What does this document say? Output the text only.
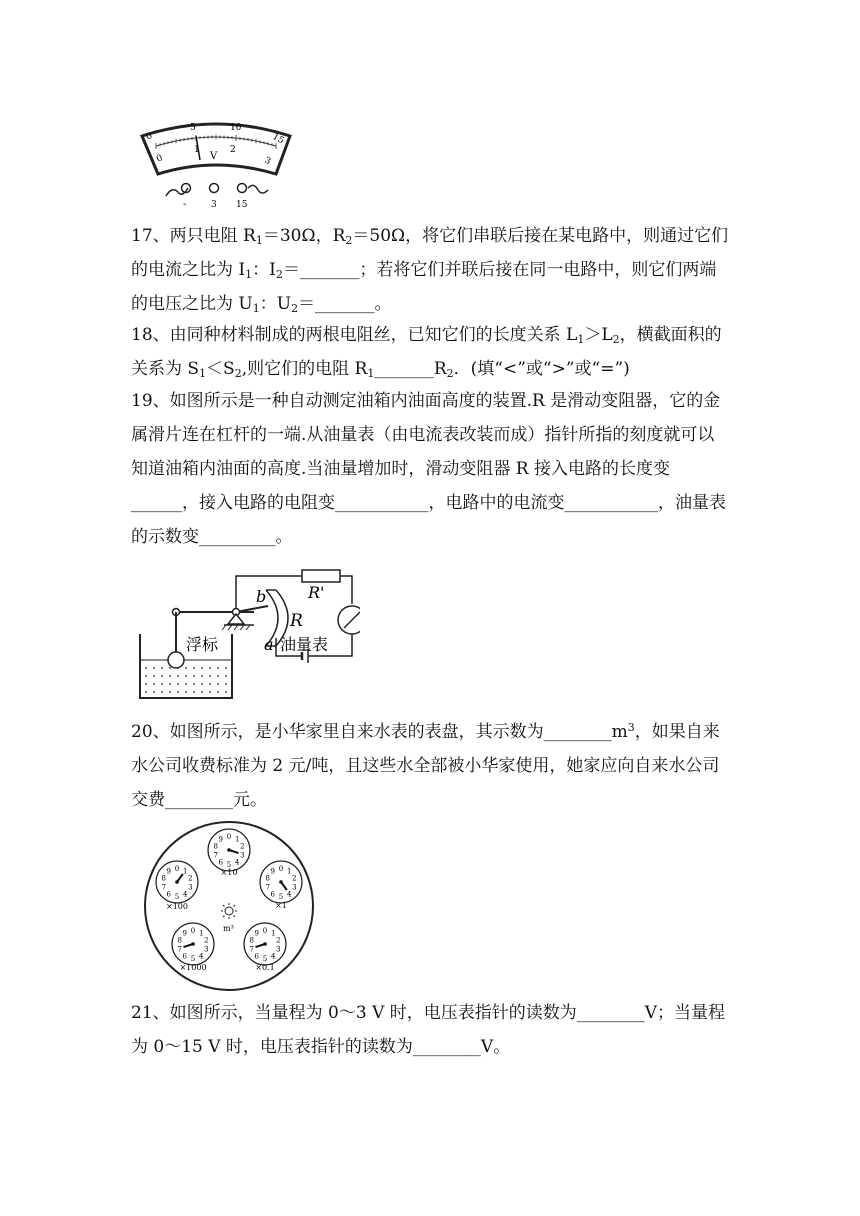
0
5	10
15
0
1	2
3
V
-	3 15

17、两只电阻 $R_1=30\Omega$，$R_2=50\Omega$，将它们串联后接在某电路中，则通过它们的电流之比为 $I_1$：$I_2=\_\_\_\_\_\_\_$；若将它们并联后接在同一电路中，则它们两端的电压之比为 $U_1$：$U_2=\_\_\_\_\_\_\_$。

18、由同种材料制成的两根电阻丝，已知它们的长度关系 $L_1>L_2$，横截面积的关系为 $S_1<S_2$,则它们的电阻 $R_1\_\_\_\_\_\_\_R_2$．(填“<”或“>”或“=”)

19、如图所示是一种自动测定油箱内油面高度的装置.R 是滑动变阻器，它的金属滑片连在杠杆的一端.从油量表（由电流表改装而成）指针所指的刻度就可以知道油箱内油面的高度.当油量增加时，滑动变阻器 R 接入电路的长度变______，接入电路的电阻变___________，电路中的电流变___________，油量表的示数变_________。

b	R'
R
a
浮标	油量表

20、如图所示，是小华家里自来水表的表盘，其示数为$\_\_\_\_\_\_\_\_m^3$，如果自来水公司收费标准为 2 元/吨，且这些水全部被小华家使用，她家应向自来水公司交费________元。

0 1
2
3
4
5
6
7
8
9
×10
0 1
2
3
4
5
6
7
8
9
×100
0 1
2
3
4
5
6
7
8
9
×1
0 1
2
3
4
5
6
7
8
9
×1000
0 1
2
3
4
5
6
7
8
9
×0.1
m³

21、如图所示，当量程为 0～3 V 时，电压表指针的读数为________V；当量程为 0～15 V 时，电压表指针的读数为________V。
